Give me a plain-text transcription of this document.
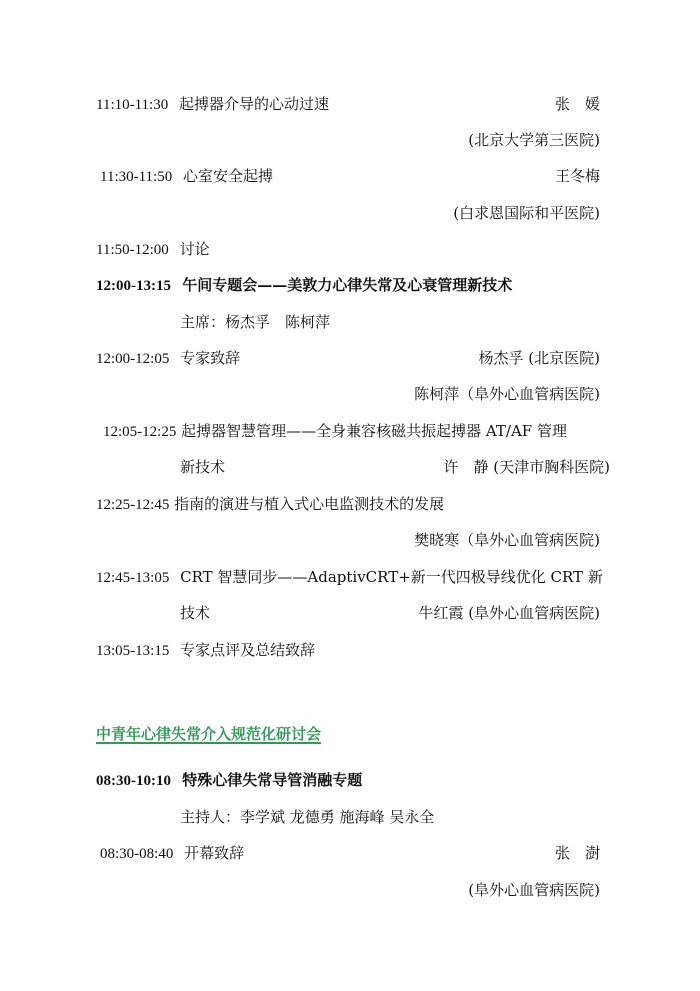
11:10-11:30 起搏器介导的心动过速	张　媛
(北京大学第三医院)
11:30-11:50 心室安全起搏	王冬梅
(白求恩国际和平医院)
11:50-12:00 讨论
12:00-13:15 午间专题会——美敦力心律失常及心衰管理新技术
主席：杨杰孚　陈柯萍
12:00-12:05 专家致辞	杨杰孚 (北京医院)
陈柯萍（阜外心血管病医院)
12:05-12:25 起搏器智慧管理——全身兼容核磁共振起搏器 AT/AF 管理
新技术	许　静 (天津市胸科医院)
12:25-12:45 指南的演进与植入式心电监测技术的发展
樊晓寒（阜外心血管病医院)
12:45-13:05 CRT 智慧同步——AdaptivCRT+新一代四极导线优化 CRT 新
技术	牛红霞 (阜外心血管病医院)
13:05-13:15 专家点评及总结致辞
中青年心律失常介入规范化研讨会
08:30-10:10 特殊心律失常导管消融专题
主持人：李学斌 龙德勇 施海峰 吴永全
08:30-08:40 开幕致辞	张　澍
(阜外心血管病医院)
